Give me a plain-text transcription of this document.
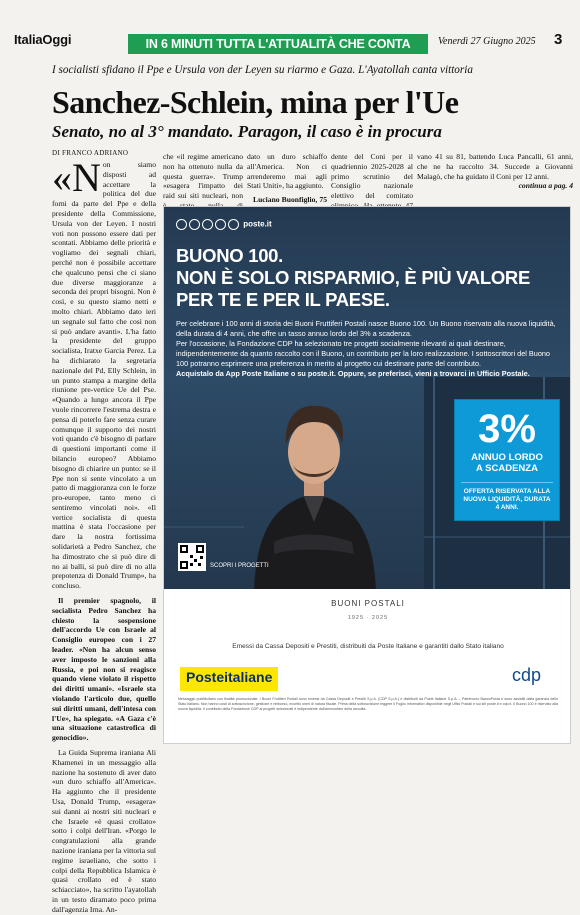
ItaliaOggi	IN 6 MINUTI TUTTA L'ATTUALITÀ CHE CONTA	Venerdì 27 Giugno 2025 3
I socialisti sfidano il Ppe e Ursula von der Leyen su riarmo e Gaza. L'Ayatollah canta vittoria
Sanchez-Schlein, mina per l'Ue
Senato, no al 3° mandato. Paragon, il caso è in procura
DI FRANCO ADRIANO

«Non siamo disposti ad accettare la politica del due forni da parte del Ppe e della presidente della Commissione, Ursula von der Leyen. I nostri voti non possono essere dati per scontati. Abbiamo delle priorità e vogliamo dei segnali chiari, perché non è possibile accettare che qualcuno pensi che ci siano due diverse maggioranze a seconda dei propri bisogni. Non è così, e su questo siamo netti e molto chiari. Abbiamo dato ieri un segnale sul fatto che così non si può andare avanti». L'ha fatto la presidente del gruppo socialista, Iratxe Garcia Perez. La ha dichiarato la segretaria nazionale del Pd, Elly Schlein, in un punto stampa a margine della riunione pre-vertice Ue del Pse. «Quando a lungo ancora il Ppe vuole rincorrere l'estrema destra e pensa di poterlo fare senza curare comunque il supporto dei nostri voti quando c'è bisogno di parlare di questioni importanti come il bilancio europeo? Abbiamo bisogno di chiarire un punto: se il Ppe non si sente vincolato a un patto di maggioranza con le forze pro-europee, tanto meno ci sentiremo vincolati noi». «Il vertice socialista di questa mattina è stata l'occasione per dare la nostra fortissima solidarietà a Pedro Sanchez, che ha dimostrato che si può dire di no ai balli, si può dire di no alla prepotenza di Donald Trump», ha concluso.

Il premier spagnolo, il socialista Pedro Sanchez ha chiesto la sospensione dell'accordo Ue con Israele al Consiglio europeo con i 27 leader. «Non ha alcun senso aver imposto le sanzioni alla Russia, e poi non si reagisce quando viene violato il rispetto dei diritti umani». «Israele sta violando l'articolo due, quello sui diritti umani, dell'intesa con l'Ue», ha spiegato. «A Gaza c'è una situazione catastrofica di genocidio».

La Guida Suprema iraniana Ali Khamenei in un messaggio alla nazione ha sostenuto di aver dato «un duro schiaffo all'America». Ha aggiunto che il presidente Usa, Donald Trump, «esagera» sui danni ai nostri siti nucleari e che Israele «è quasi crollato» sotto i colpi dell'Iran. «Porgo le congratulazioni alla grande nazione iraniana per la vittoria sul regime israeliano, che sotto i colpi della Repubblica Islamica è quasi crollato ed è stato schiacciato», ha scritto l'ayatollah in un testo diramato poco prima dall'agenzia Irna. An-

che «il regime americano non ha ottenuto nulla da questa guerra». Trump «esagera l'impatto dei raid sui siti nucleari, non

dato un duro schiaffo all'America. Non ci arrenderemo mai agli Stati Uniti», ha aggiunto.

Luciano Buonfiglio, 75

dente del Coni per il quadriennio 2025-2028 al primo scrutinio del Consiglio nazionale elettivo del comitato

vano 41 su 81, battendo Luca Pancalli, 61 anni, che ne ha raccolto 34. Succede a Giovanni Malagò, che ha guidato il Coni per 12 anni.

continua a pag. 4
poste.it
BUONO 100.
NON È SOLO RISPARMIO, È PIÙ VALORE
PER TE E PER IL PAESE.

Per celebrare i 100 anni di storia dei Buoni Fruttiferi Postali nasce Buono 100. Un Buono riservato alla nuova liquidità, della durata di 4 anni, che offre un tasso annuo lordo del 3% a scadenza.

Per l'occasione, la Fondazione CDP ha selezionato tre progetti socialmente rilevanti ai quali destinare, indipendentemente da quanto raccolto con il Buono, un contributo per la loro realizzazione. I sottoscrittori del Buono 100 potranno esprimere una preferenza in merito al progetto cui destinare parte del contributo.

Acquistalo da App Poste Italiane o su poste.it. Oppure, se preferisci, vieni a trovarci in Ufficio Postale.

3%
ANNUO LORDO
A SCADENZA
OFFERTA RISERVATA ALLA NUOVA LIQUIDITÀ, DURATA 4 ANNI.
SCOPRI I PROGETTI
BUONI POSTALI
1925 · 2025
Emessi da Cassa Depositi e Prestiti, distribuiti da Poste Italiane e garantiti dallo Stato italiano
Posteitaliane	cdp
Messaggio pubblicitario con finalità promozionale. I Buoni Fruttiferi Postali sono emessi da Cassa Depositi e Prestiti S.p.A. (CDP S.p.A.) e distribuiti da Poste Italiane S.p.A. – Patrimonio BancoPosta e sono assistiti dalla garanzia dello Stato italiano. Non hanno costi di sottoscrizione, gestione e rimborso, eccetto oneri di natura fiscale. Prima della sottoscrizione leggere il Foglio Informativo disponibile negli Uffici Postali e sui siti poste.it e cdp.it. Il Buono 100 è riservato alla nuova liquidità. Il contributo della Fondazione CDP ai progetti selezionati è indipendente dall'ammontare della raccolta.
